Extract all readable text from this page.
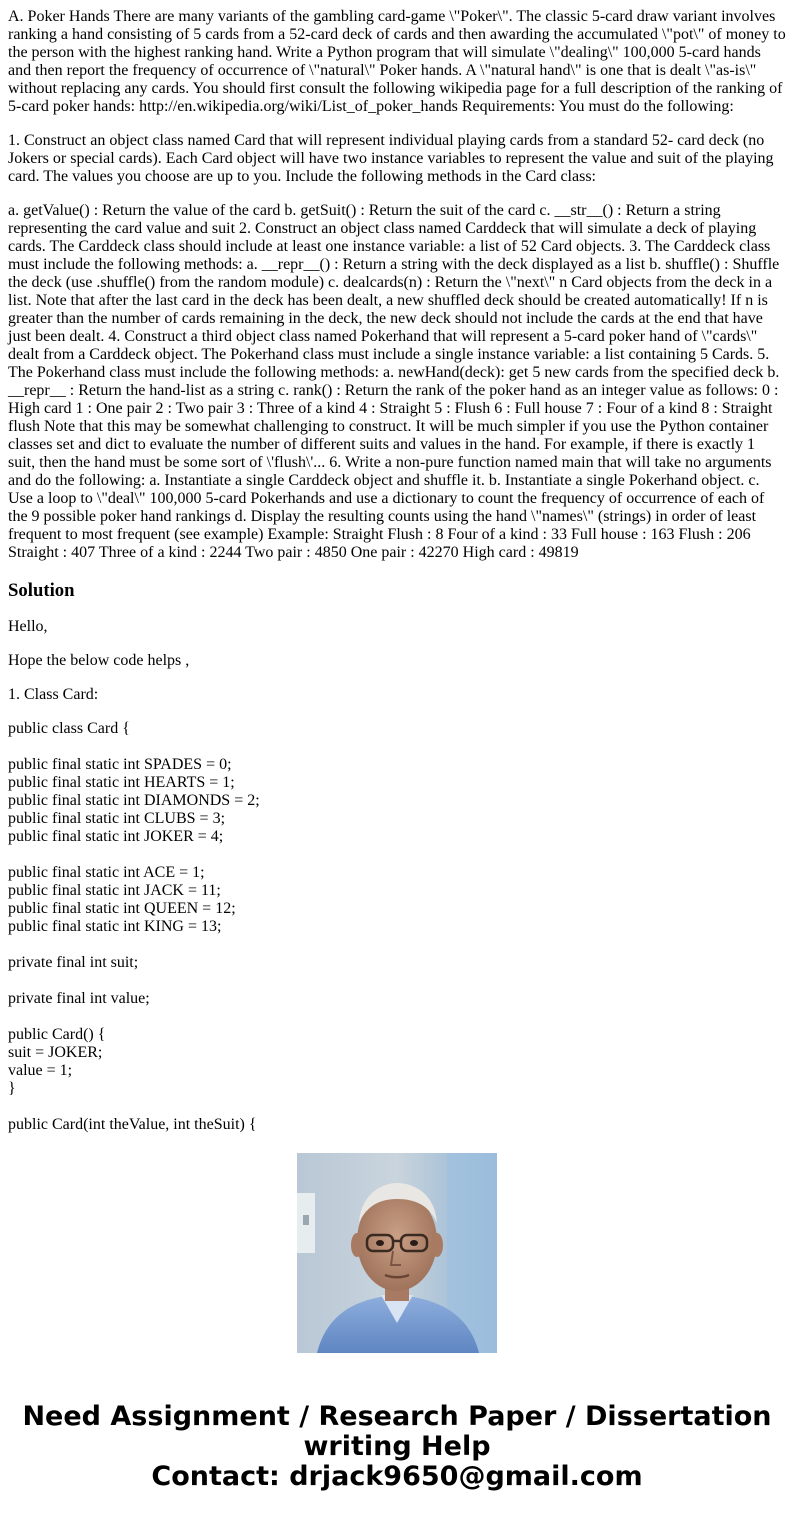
A. Poker Hands There are many variants of the gambling card-game \"Poker\". The classic 5-card draw variant involves ranking a hand consisting of 5 cards from a 52-card deck of cards and then awarding the accumulated \"pot\" of money to the person with the highest ranking hand. Write a Python program that will simulate \"dealing\" 100,000 5-card hands and then report the frequency of occurrence of \"natural\" Poker hands. A \"natural hand\" is one that is dealt \"as-is\" without replacing any cards. You should first consult the following wikipedia page for a full description of the ranking of 5-card poker hands: http://en.wikipedia.org/wiki/List_of_poker_hands Requirements: You must do the following:

1. Construct an object class named Card that will represent individual playing cards from a standard 52- card deck (no Jokers or special cards). Each Card object will have two instance variables to represent the value and suit of the playing card. The values you choose are up to you. Include the following methods in the Card class:

a. getValue() : Return the value of the card b. getSuit() : Return the suit of the card c. __str__() : Return a string representing the card value and suit 2. Construct an object class named Carddeck that will simulate a deck of playing cards. The Carddeck class should include at least one instance variable: a list of 52 Card objects. 3. The Carddeck class must include the following methods: a. __repr__() : Return a string with the deck displayed as a list b. shuffle() : Shuffle the deck (use .shuffle() from the random module) c. dealcards(n) : Return the \"next\" n Card objects from the deck in a list. Note that after the last card in the deck has been dealt, a new shuffled deck should be created automatically! If n is greater than the number of cards remaining in the deck, the new deck should not include the cards at the end that have just been dealt. 4. Construct a third object class named Pokerhand that will represent a 5-card poker hand of \"cards\" dealt from a Carddeck object. The Pokerhand class must include a single instance variable: a list containing 5 Cards. 5. The Pokerhand class must include the following methods: a. newHand(deck): get 5 new cards from the specified deck b. __repr__ : Return the hand-list as a string c. rank() : Return the rank of the poker hand as an integer value as follows: 0 : High card 1 : One pair 2 : Two pair 3 : Three of a kind 4 : Straight 5 : Flush 6 : Full house 7 : Four of a kind 8 : Straight flush Note that this may be somewhat challenging to construct. It will be much simpler if you use the Python container classes set and dict to evaluate the number of different suits and values in the hand. For example, if there is exactly 1 suit, then the hand must be some sort of \'flush\'... 6. Write a non-pure function named main that will take no arguments and do the following: a. Instantiate a single Carddeck object and shuffle it. b. Instantiate a single Pokerhand object. c. Use a loop to \"deal\" 100,000 5-card Pokerhands and use a dictionary to count the frequency of occurrence of each of the 9 possible poker hand rankings d. Display the resulting counts using the hand \"names\" (strings) in order of least frequent to most frequent (see example) Example: Straight Flush : 8 Four of a kind : 33 Full house : 163 Flush : 206 Straight : 407 Three of a kind : 2244 Two pair : 4850 One pair : 42270 High card : 49819

Solution

Hello,

Hope the below code helps ,

1. Class Card:

public class Card {
public final static int SPADES = 0;
public final static int HEARTS = 1;
public final static int DIAMONDS = 2;
public final static int CLUBS = 3;
public final static int JOKER = 4;
public final static int ACE = 1;
public final static int JACK = 11;
public final static int QUEEN = 12;
public final static int KING = 13;
private final int suit;
private final int value;
public Card() {
suit = JOKER;
value = 1;
}
public Card(int theValue, int theSuit) {
Need Assignment / Research Paper / Dissertation
writing Help
Contact: drjack9650@gmail.com
